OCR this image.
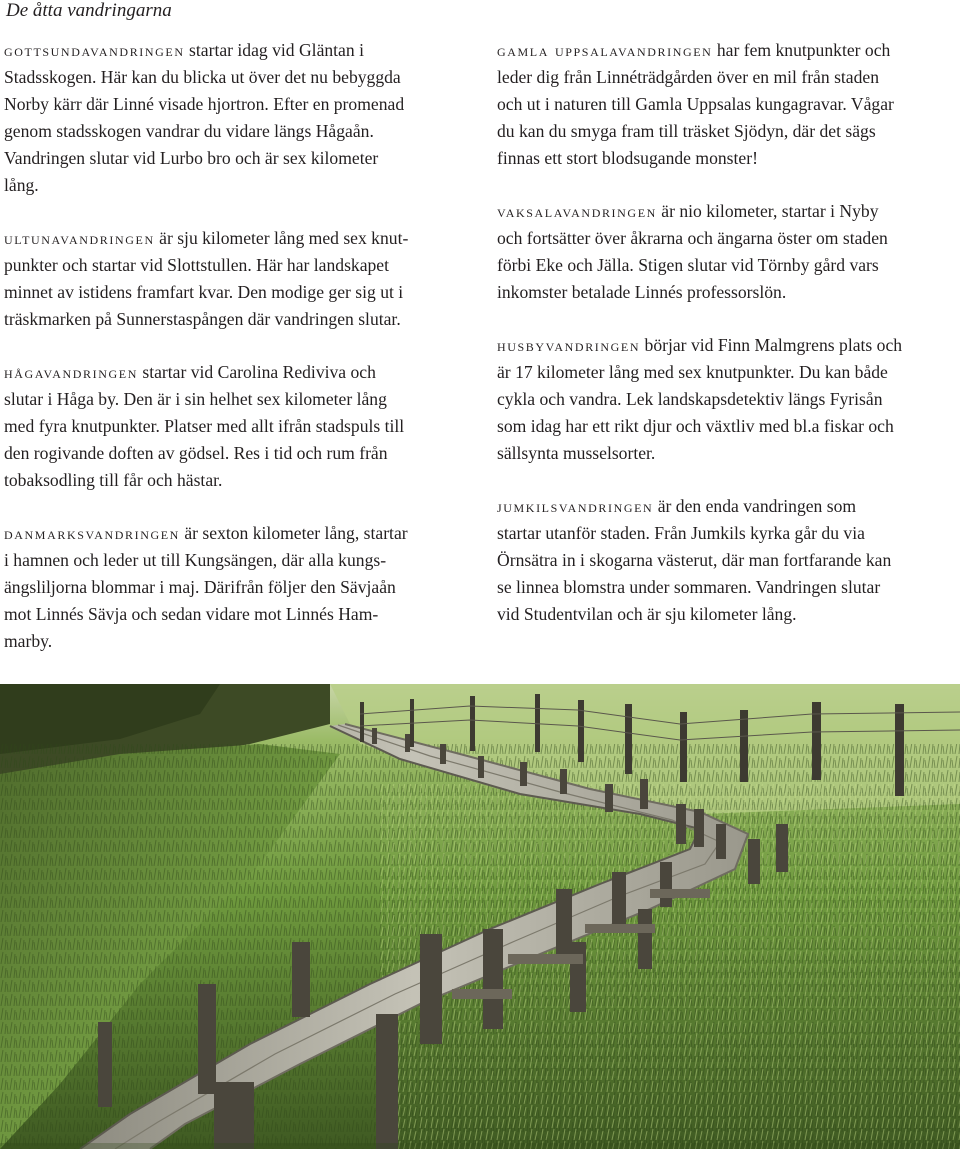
De åtta vandringarna

gottsundavandringen startar idag vid Gläntan i
Stadsskogen. Här kan du blicka ut över det nu bebyggda
Norby kärr där Linné visade hjortron. Efter en promenad
genom stadsskogen vandrar du vidare längs Hågaån.
Vandringen slutar vid Lurbo bro och är sex kilometer
lång.

ultunavandringen är sju kilometer lång med sex knut-
punkter och startar vid Slottstullen. Här har landskapet
minnet av istidens framfart kvar. Den modige ger sig ut i
träskmarken på Sunnerstaspången där vandringen slutar.

hågavandringen startar vid Carolina Rediviva och
slutar i Håga by. Den är i sin helhet sex kilometer lång
med fyra knutpunkter. Platser med allt ifrån stadspuls till
den rogivande doften av gödsel. Res i tid och rum från
tobaksodling till får och hästar.

danmarksvandringen är sexton kilometer lång, startar
i hamnen och leder ut till Kungsängen, där alla kungs-
ängsliljorna blommar i maj. Därifrån följer den Sävjaån
mot Linnés Sävja och sedan vidare mot Linnés Ham-
marby.

gamla uppsalavandringen har fem knutpunkter och
leder dig från Linnéträdgården över en mil från staden
och ut i naturen till Gamla Uppsalas kungagravar. Vågar
du kan du smyga fram till träsket Sjödyn, där det sägs
finnas ett stort blodsugande monster!

vaksalavandringen är nio kilometer, startar i Nyby
och fortsätter över åkrarna och ängarna öster om staden
förbi Eke och Jälla. Stigen slutar vid Törnby gård vars
inkomster betalade Linnés professorslön.

husbyvandringen börjar vid Finn Malmgrens plats och
är 17 kilometer lång med sex knutpunkter. Du kan både
cykla och vandra. Lek landskapsdetektiv längs Fyrisån
som idag har ett rikt djur och växtliv med bl.a fiskar och
sällsynta musselsorter.

jumkilsvandringen är den enda vandringen som
startar utanför staden. Från Jumkils kyrka går du via
Örnsätra in i skogarna västerut, där man fortfarande kan
se linnea blomstra under sommaren. Vandringen slutar
vid Studentvilan och är sju kilometer lång.
